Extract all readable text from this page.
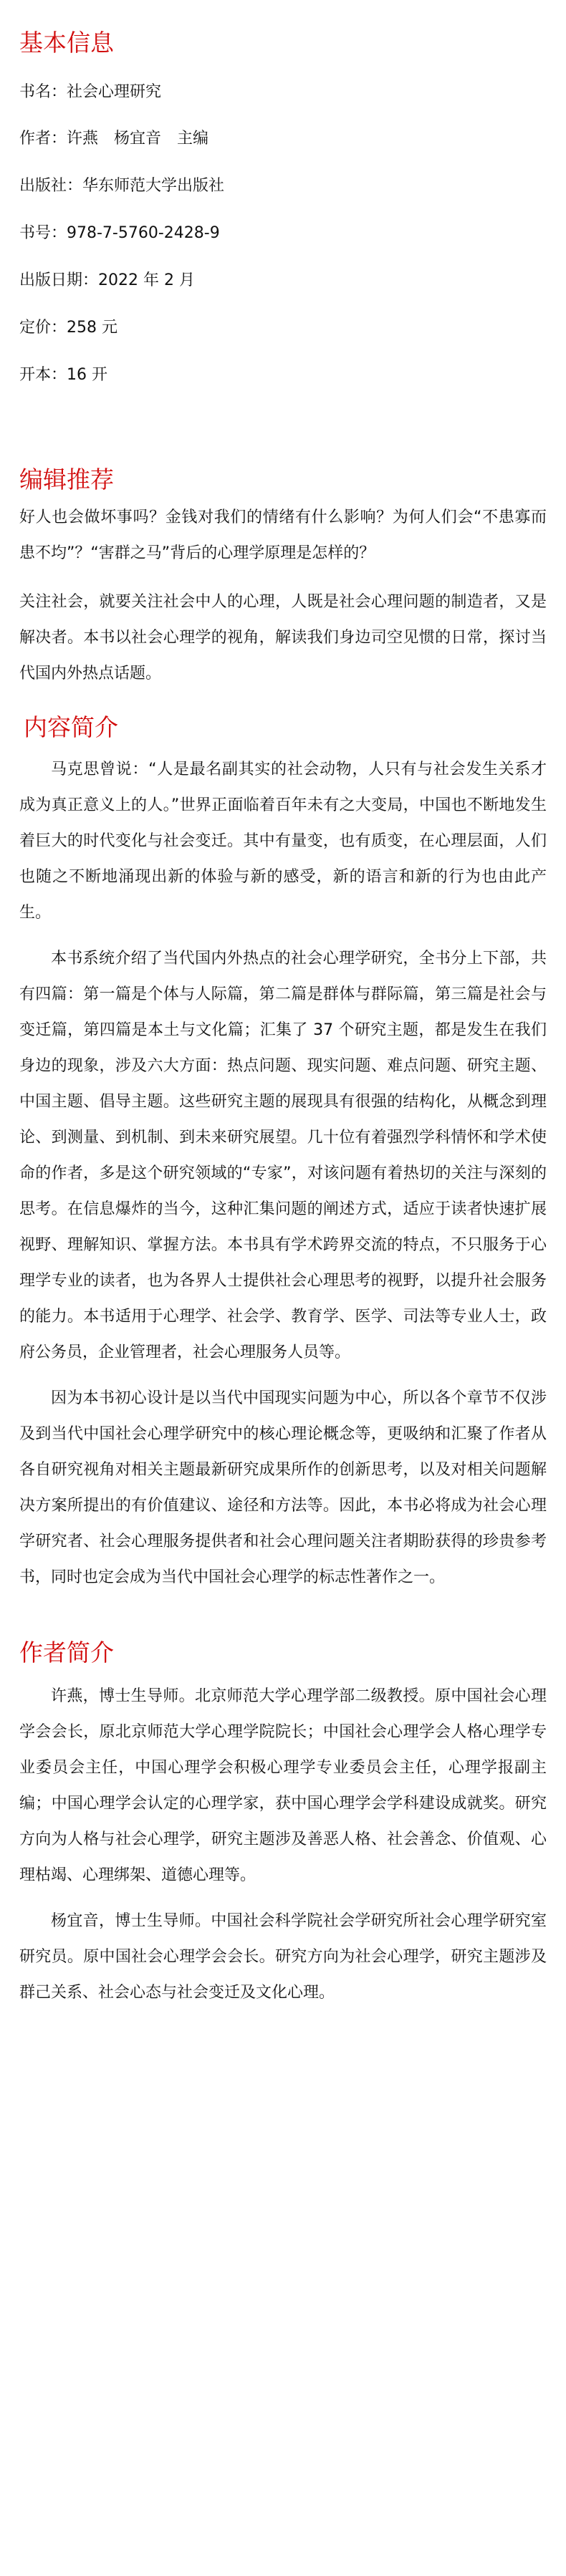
基本信息

书名：社会心理研究

作者：许燕　杨宜音　主编

出版社：华东师范大学出版社

书号：978-7-5760-2428-9

出版日期：2022 年 2 月

定价：258 元

开本：16 开

编辑推荐

好人也会做坏事吗？金钱对我们的情绪有什么影响？为何人们会“不患寡而患不均”？“害群之马”背后的心理学原理是怎样的？

关注社会，就要关注社会中人的心理，人既是社会心理问题的制造者，又是解决者。本书以社会心理学的视角，解读我们身边司空见惯的日常，探讨当代国内外热点话题。

内容简介

马克思曾说：“人是最名副其实的社会动物，人只有与社会发生关系才成为真正意义上的人。”世界正面临着百年未有之大变局，中国也不断地发生着巨大的时代变化与社会变迁。其中有量变，也有质变，在心理层面，人们也随之不断地涌现出新的体验与新的感受，新的语言和新的行为也由此产生。

本书系统介绍了当代国内外热点的社会心理学研究，全书分上下部，共有四篇：第一篇是个体与人际篇，第二篇是群体与群际篇，第三篇是社会与变迁篇，第四篇是本土与文化篇；汇集了 37 个研究主题，都是发生在我们身边的现象，涉及六大方面：热点问题、现实问题、难点问题、研究主题、中国主题、倡导主题。这些研究主题的展现具有很强的结构化，从概念到理论、到测量、到机制、到未来研究展望。几十位有着强烈学科情怀和学术使命的作者，多是这个研究领域的“专家”，对该问题有着热切的关注与深刻的思考。在信息爆炸的当今，这种汇集问题的阐述方式，适应于读者快速扩展视野、理解知识、掌握方法。本书具有学术跨界交流的特点，不只服务于心理学专业的读者，也为各界人士提供社会心理思考的视野，以提升社会服务的能力。本书适用于心理学、社会学、教育学、医学、司法等专业人士，政府公务员，企业管理者，社会心理服务人员等。

因为本书初心设计是以当代中国现实问题为中心，所以各个章节不仅涉及到当代中国社会心理学研究中的核心理论概念等，更吸纳和汇聚了作者从各自研究视角对相关主题最新研究成果所作的创新思考，以及对相关问题解决方案所提出的有价值建议、途径和方法等。因此，本书必将成为社会心理学研究者、社会心理服务提供者和社会心理问题关注者期盼获得的珍贵参考书，同时也定会成为当代中国社会心理学的标志性著作之一。

作者简介

许燕，博士生导师。北京师范大学心理学部二级教授。原中国社会心理学会会长，原北京师范大学心理学院院长；中国社会心理学会人格心理学专业委员会主任，中国心理学会积极心理学专业委员会主任，心理学报副主编；中国心理学会认定的心理学家，获中国心理学会学科建设成就奖。研究方向为人格与社会心理学，研究主题涉及善恶人格、社会善念、价值观、心理枯竭、心理绑架、道德心理等。

杨宜音，博士生导师。中国社会科学院社会学研究所社会心理学研究室研究员。原中国社会心理学会会长。研究方向为社会心理学，研究主题涉及群己关系、社会心态与社会变迁及文化心理。
